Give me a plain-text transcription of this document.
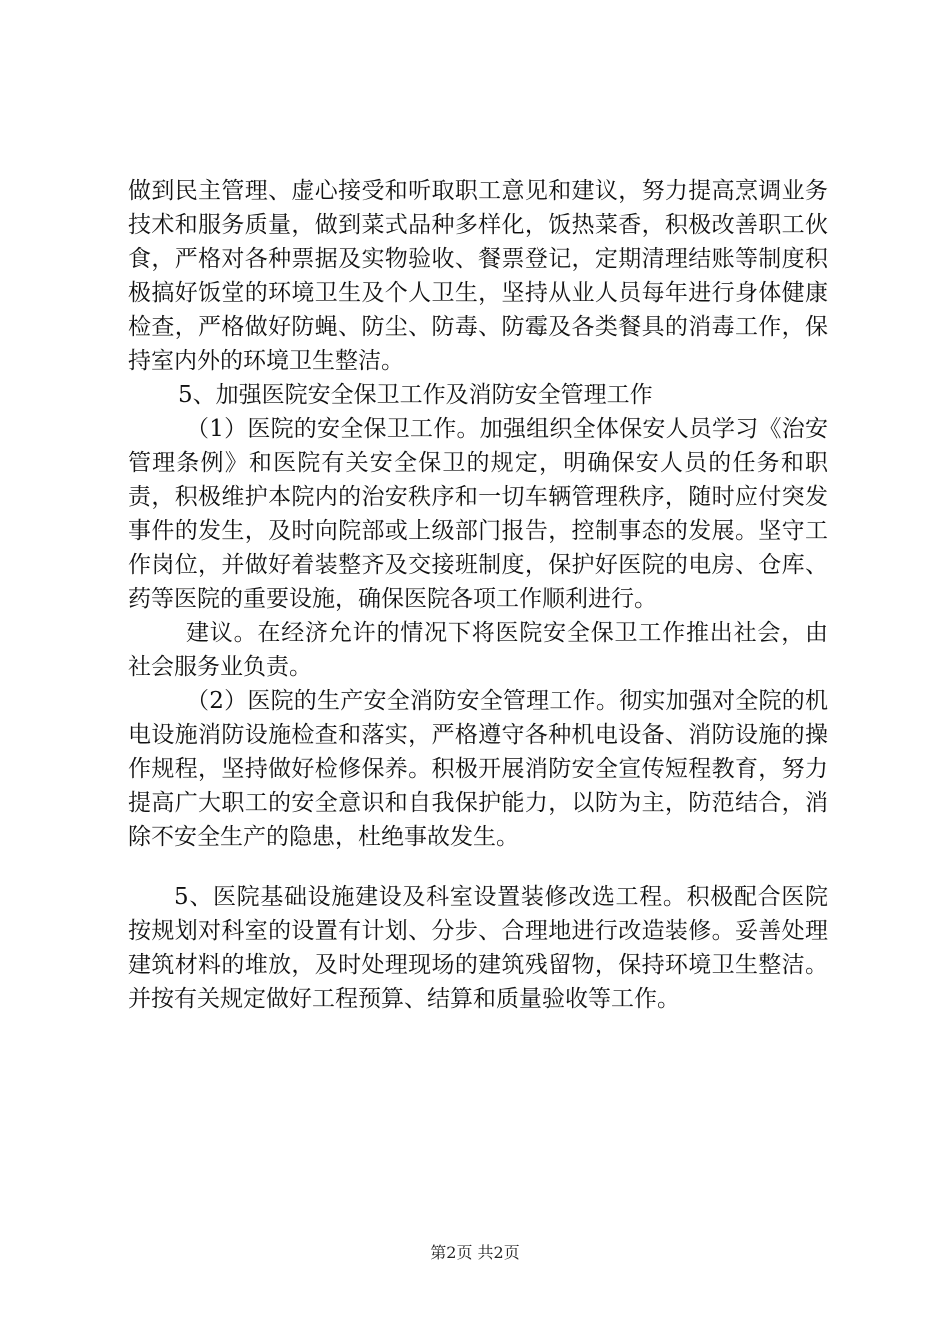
做到民主管理、虚心接受和听取职工意见和建议，努力提高烹调业务技术和服务质量，做到菜式品种多样化，饭热菜香，积极改善职工伙食，严格对各种票据及实物验收、餐票登记，定期清理结账等制度积极搞好饭堂的环境卫生及个人卫生，坚持从业人员每年进行身体健康检查，严格做好防蝇、防尘、防毒、防霉及各类餐具的消毒工作，保持室内外的环境卫生整洁。

5、加强医院安全保卫工作及消防安全管理工作

（1）医院的安全保卫工作。加强组织全体保安人员学习《治安管理条例》和医院有关安全保卫的规定，明确保安人员的任务和职责，积极维护本院内的治安秩序和一切车辆管理秩序，随时应付突发事件的发生，及时向院部或上级部门报告，控制事态的发展。坚守工作岗位，并做好着装整齐及交接班制度，保护好医院的电房、仓库、药等医院的重要设施，确保医院各项工作顺利进行。

建议。在经济允许的情况下将医院安全保卫工作推出社会，由社会服务业负责。

（2）医院的生产安全消防安全管理工作。彻实加强对全院的机电设施消防设施检查和落实，严格遵守各种机电设备、消防设施的操作规程，坚持做好检修保养。积极开展消防安全宣传短程教育，努力提高广大职工的安全意识和自我保护能力，以防为主，防范结合，消除不安全生产的隐患，杜绝事故发生。

5、医院基础设施建设及科室设置装修改选工程。积极配合医院按规划对科室的设置有计划、分步、合理地进行改造装修。妥善处理建筑材料的堆放，及时处理现场的建筑残留物，保持环境卫生整洁。并按有关规定做好工程预算、结算和质量验收等工作。

第2页 共2页
